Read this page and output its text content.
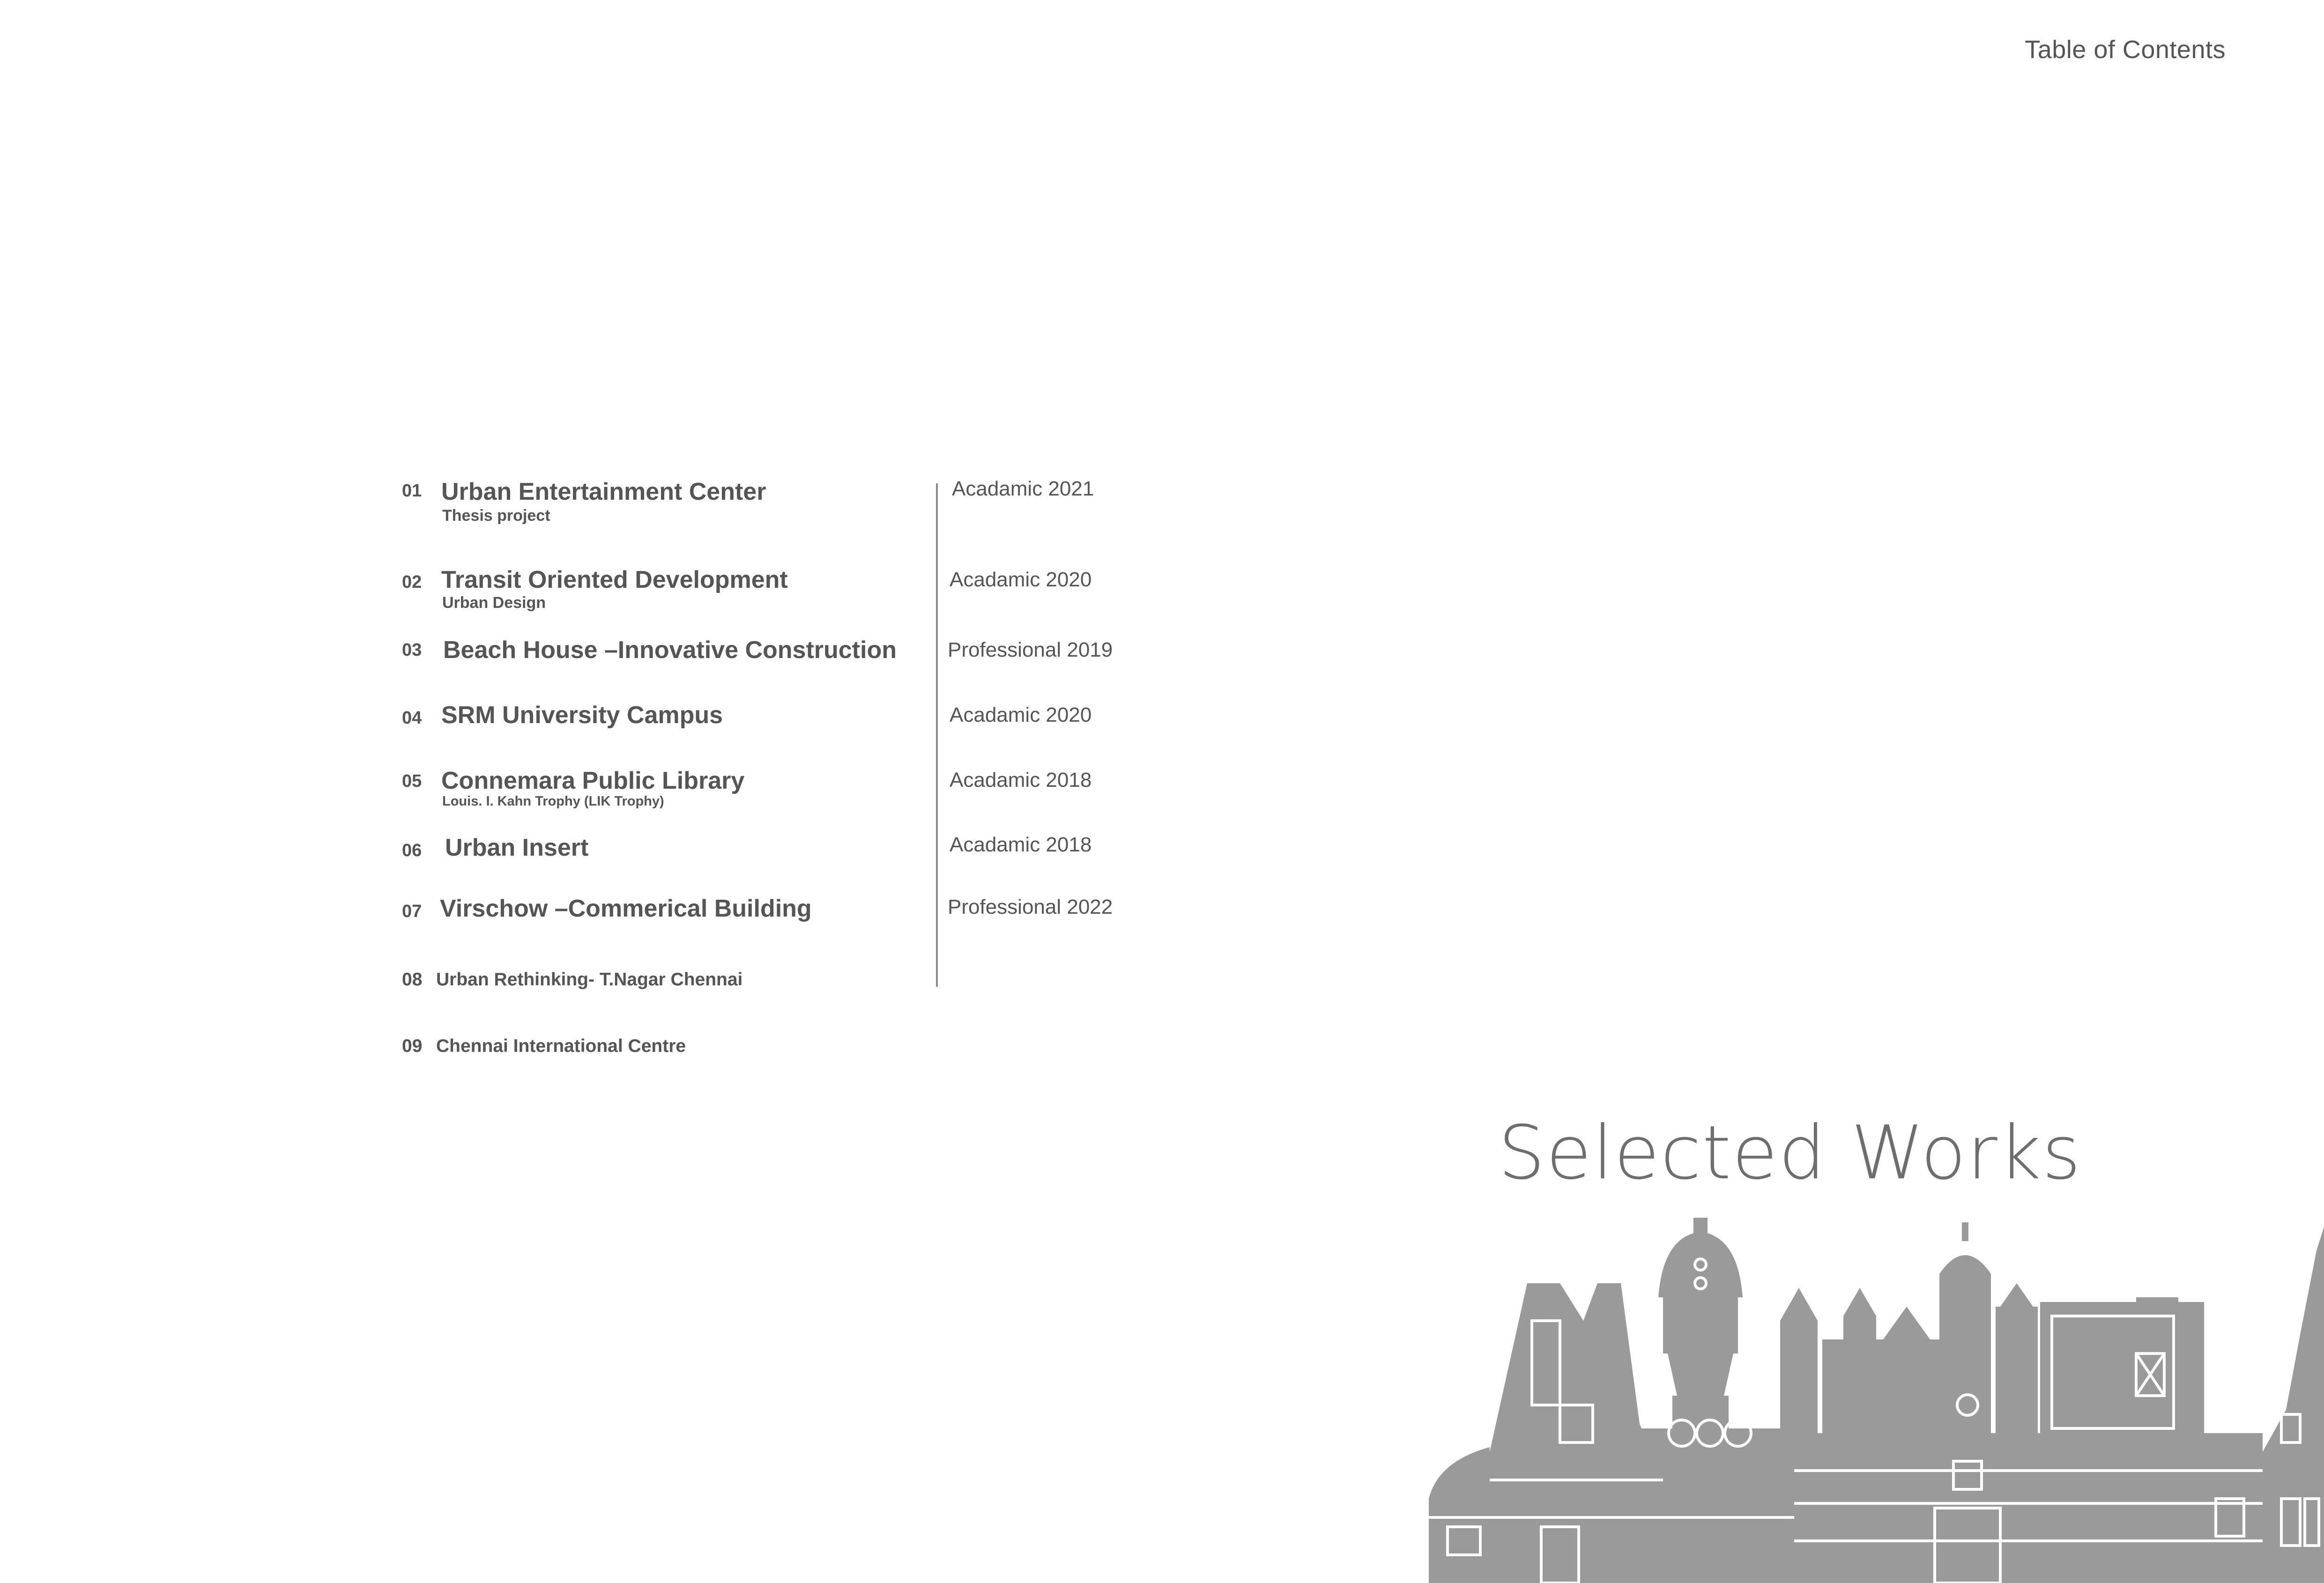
Table of Contents
01 Urban Entertainment Center
Thesis project
Acadamic 2021
02 Transit Oriented Development
Urban Design
Acadamic 2020
03 Beach House –Innovative Construction Professional 2019
04 SRM University Campus	Acadamic 2020
05 Connemara Public Library
Louis. I. Kahn Trophy (LIK Trophy)
Acadamic 2018
06 Urban Insert	Acadamic 2018
07 Virschow –Commerical Building	Professional 2022
08 Urban Rethinking- T.Nagar Chennai
09 Chennai International Centre
Selected Works
